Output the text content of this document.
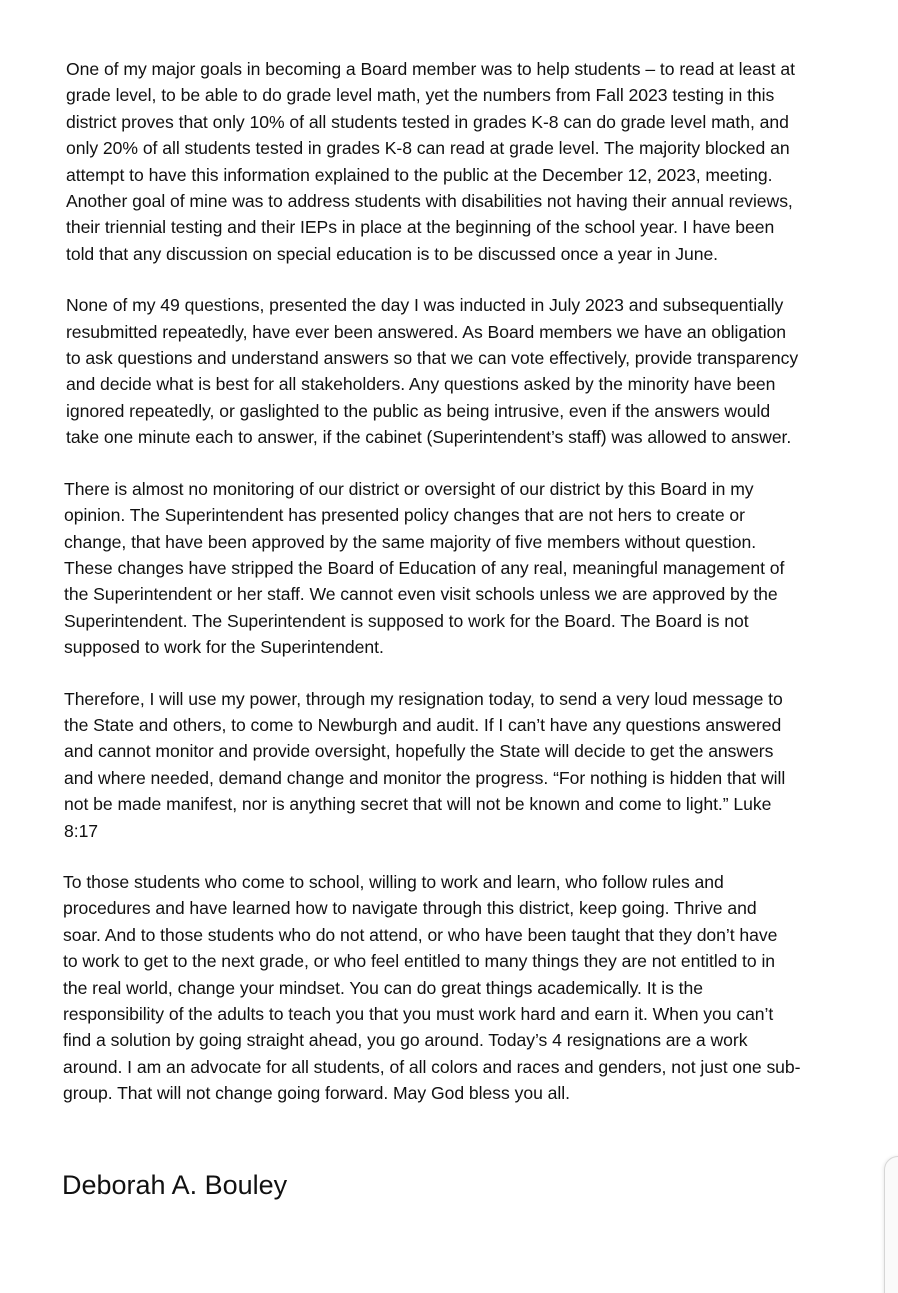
One of my major goals in becoming a Board member was to help students – to read at least at
grade level, to be able to do grade level math, yet the numbers from Fall 2023 testing in this
district proves that only 10% of all students tested in grades K-8 can do grade level math, and
only 20% of all students tested in grades K-8 can read at grade level. The majority blocked an
attempt to have this information explained to the public at the December 12, 2023, meeting.
Another goal of mine was to address students with disabilities not having their annual reviews,
their triennial testing and their IEPs in place at the beginning of the school year. I have been
told that any discussion on special education is to be discussed once a year in June.

None of my 49 questions, presented the day I was inducted in July 2023 and subsequentially
resubmitted repeatedly, have ever been answered. As Board members we have an obligation
to ask questions and understand answers so that we can vote effectively, provide transparency
and decide what is best for all stakeholders. Any questions asked by the minority have been
ignored repeatedly, or gaslighted to the public as being intrusive, even if the answers would
take one minute each to answer, if the cabinet (Superintendent’s staff) was allowed to answer.

There is almost no monitoring of our district or oversight of our district by this Board in my
opinion. The Superintendent has presented policy changes that are not hers to create or
change, that have been approved by the same majority of five members without question.
These changes have stripped the Board of Education of any real, meaningful management of
the Superintendent or her staff. We cannot even visit schools unless we are approved by the
Superintendent. The Superintendent is supposed to work for the Board. The Board is not
supposed to work for the Superintendent.

Therefore, I will use my power, through my resignation today, to send a very loud message to
the State and others, to come to Newburgh and audit. If I can’t have any questions answered
and cannot monitor and provide oversight, hopefully the State will decide to get the answers
and where needed, demand change and monitor the progress. “For nothing is hidden that will
not be made manifest, nor is anything secret that will not be known and come to light.” Luke
8:17

To those students who come to school, willing to work and learn, who follow rules and
procedures and have learned how to navigate through this district, keep going. Thrive and
soar. And to those students who do not attend, or who have been taught that they don’t have
to work to get to the next grade, or who feel entitled to many things they are not entitled to in
the real world, change your mindset. You can do great things academically. It is the
responsibility of the adults to teach you that you must work hard and earn it. When you can’t
find a solution by going straight ahead, you go around. Today’s 4 resignations are a work
around. I am an advocate for all students, of all colors and races and genders, not just one sub-
group. That will not change going forward. May God bless you all.

Deborah A. Bouley
